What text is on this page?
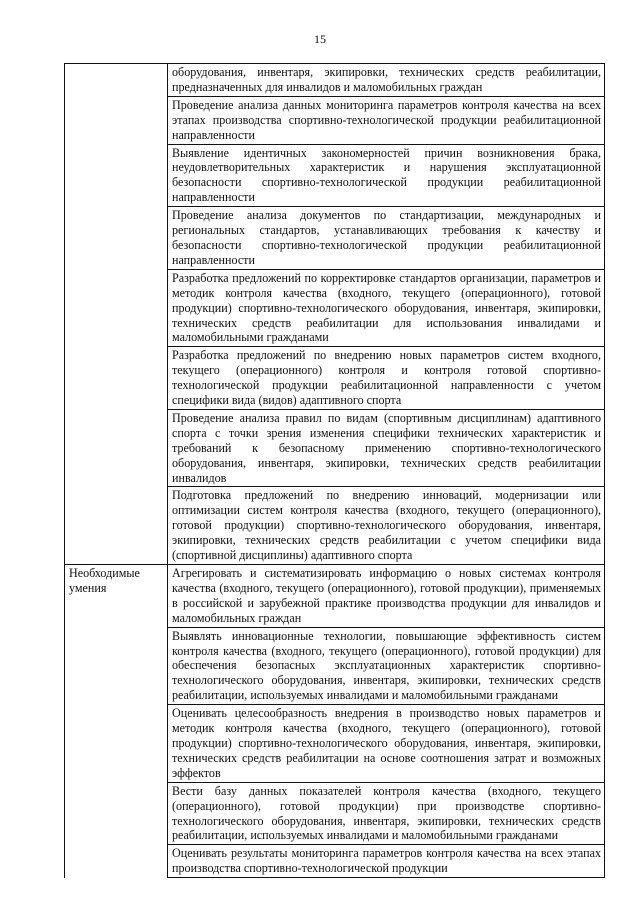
15
	оборудования, инвентаря, экипировки, технических средств реабилитации, предназначенных для инвалидов и маломобильных граждан
	Проведение анализа данных мониторинга параметров контроля качества на всех этапах производства спортивно-технологической продукции реабилитационной направленности
	Выявление идентичных закономерностей причин возникновения брака, неудовлетворительных характеристик и нарушения эксплуатационной безопасности спортивно-технологической продукции реабилитационной направленности
	Проведение анализа документов по стандартизации, международных и региональных стандартов, устанавливающих требования к качеству и безопасности спортивно-технологической продукции реабилитационной направленности
	Разработка предложений по корректировке стандартов организации, параметров и методик контроля качества (входного, текущего (операционного), готовой продукции) спортивно-технологического оборудования, инвентаря, экипировки, технических средств реабилитации для использования инвалидами и маломобильными гражданами
	Разработка предложений по внедрению новых параметров систем входного, текущего (операционного) контроля и контроля готовой спортивно-технологической продукции реабилитационной направленности с учетом специфики вида (видов) адаптивного спорта
	Проведение анализа правил по видам (спортивным дисциплинам) адаптивного спорта с точки зрения изменения специфики технических характеристик и требований к безопасному применению спортивно-технологического оборудования, инвентаря, экипировки, технических средств реабилитации инвалидов
	Подготовка предложений по внедрению инноваций, модернизации или оптимизации систем контроля качества (входного, текущего (операционного), готовой продукции) спортивно-технологического оборудования, инвентаря, экипировки, технических средств реабилитации с учетом специфики вида (спортивной дисциплины) адаптивного спорта
Необходимые умения	Агрегировать и систематизировать информацию о новых системах контроля качества (входного, текущего (операционного), готовой продукции), применяемых в российской и зарубежной практике производства продукции для инвалидов и маломобильных граждан
	Выявлять инновационные технологии, повышающие эффективность систем контроля качества (входного, текущего (операционного), готовой продукции) для обеспечения безопасных эксплуатационных характеристик спортивно-технологического оборудования, инвентаря, экипировки, технических средств реабилитации, используемых инвалидами и маломобильными гражданами
	Оценивать целесообразность внедрения в производство новых параметров и методик контроля качества (входного, текущего (операционного), готовой продукции) спортивно-технологического оборудования, инвентаря, экипировки, технических средств реабилитации на основе соотношения затрат и возможных эффектов
	Вести базу данных показателей контроля качества (входного, текущего (операционного), готовой продукции) при производстве спортивно-технологического оборудования, инвентаря, экипировки, технических средств реабилитации, используемых инвалидами и маломобильными гражданами
	Оценивать результаты мониторинга параметров контроля качества на всех этапах производства спортивно-технологической продукции
